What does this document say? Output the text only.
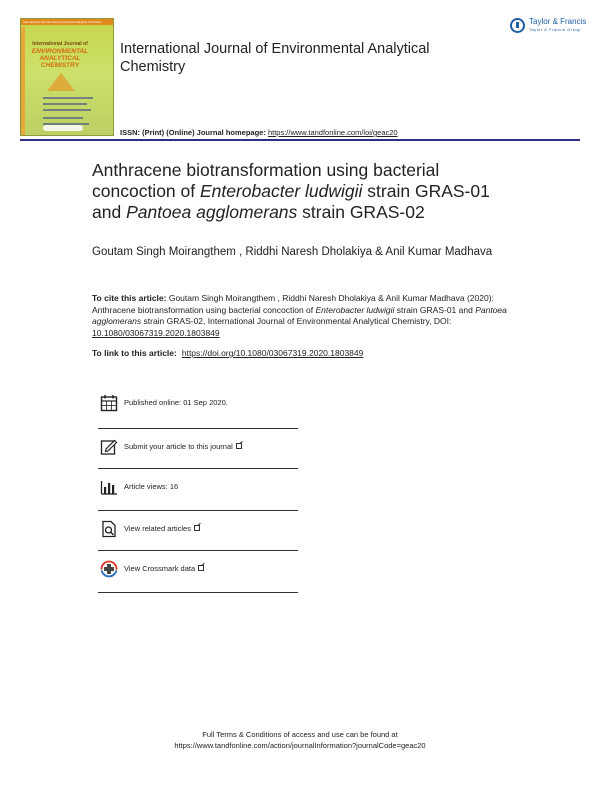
International Journal of Environmental Analytical Chemistry
International Journal of
ENVIRONMENTAL
ANALYTICAL
CHEMISTRY
International Journal of Environmental Analytical Chemistry
ISSN: (Print) (Online) Journal homepage: https://www.tandfonline.com/loi/geac20
Taylor & Francis
Taylor & Francis Group
Anthracene biotransformation using bacterial concoction of Enterobacter ludwigii strain GRAS-01 and Pantoea agglomerans strain GRAS-02
Goutam Singh Moirangthem , Riddhi Naresh Dholakiya & Anil Kumar Madhava
To cite this article: Goutam Singh Moirangthem , Riddhi Naresh Dholakiya & Anil Kumar Madhava (2020): Anthracene biotransformation using bacterial concoction of Enterobacter ludwigii strain GRAS-01 and Pantoea agglomerans strain GRAS-02, International Journal of Environmental Analytical Chemistry, DOI: 10.1080/03067319.2020.1803849
To link to this article: https://doi.org/10.1080/03067319.2020.1803849
Published online: 01 Sep 2020.
Submit your article to this journal
Article views: 16
View related articles
View Crossmark data
Full Terms & Conditions of access and use can be found at
https://www.tandfonline.com/action/journalInformation?journalCode=geac20
